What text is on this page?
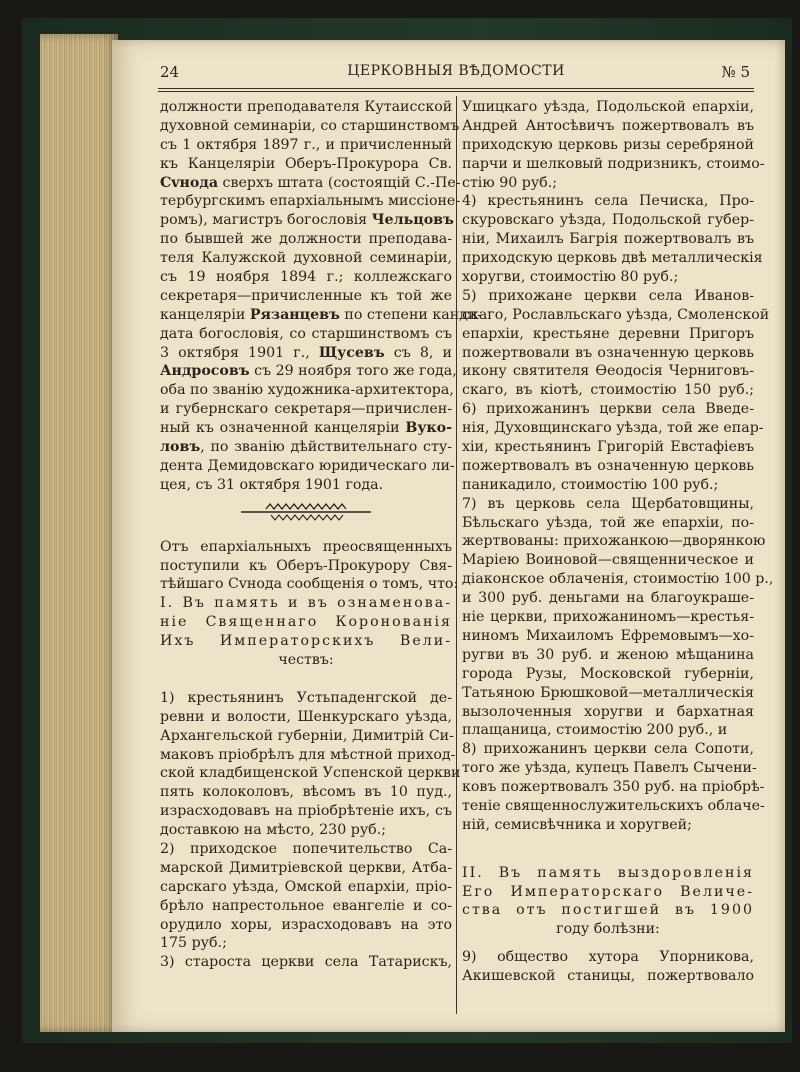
24	ЦЕРКОВНЫЯ ВѢДОМОСТИ	№ 5
должности преподавателя Кутаисской
духовной семинаріи, со старшинствомъ
съ 1 октября 1897 г., и причисленный
къ Канцеляріи Оберъ-Прокурора Св.
Сvнода сверхъ штата (состоящій С.-Пе-
тербургскимъ епархіальнымъ миссіоне-
ромъ), магистръ богословія Чельцовъ
по бывшей же должности преподава-
теля Калужской духовной семинаріи,
съ 19 ноября 1894 г.; коллежскаго
секретаря—причисленные къ той же
канцеляріи Рязанцевъ по степени канди-
дата богословія, со старшинствомъ съ
3 октября 1901 г., Щусевъ съ 8, и
Андросовъ съ 29 ноября того же года,
оба по званію художника-архитектора,
и губернскаго секретаря—причислен-
ный къ означенной канцеляріи Вуко-
ловъ, по званію дѣйствительнаго сту-
дента Демидовскаго юридическаго ли-
цея, съ 31 октября 1901 года.
Отъ епархіальныхъ преосвященныхъ
поступили къ Оберъ-Прокурору Свя-
тѣйшаго Сvнода сообщенія о томъ, что:
I. Въ память и въ ознаменова-
ніе Священнаго Коронованія
Ихъ Императорскихъ Вели-
чествъ:
1) крестьянинъ Устьпаденгской де-
ревни и волости, Шенкурскаго уѣзда,
Архангельской губерніи, Димитрій Си-
маковъ пріобрѣлъ для мѣстной приход-
ской кладбищенской Успенской церкви
пять колоколовъ, вѣсомъ въ 10 пуд.,
израсходовавъ на пріобрѣтеніе ихъ, съ
доставкою на мѣсто, 230 руб.;
2) приходское попечительство Са-
марской Димитріевской церкви, Атба-
сарскаго уѣзда, Омской епархіи, пріо-
брѣло напрестольное евангеліе и со-
орудило хоры, израсходовавъ на это
175 руб.;
3) староста церкви села Татарискъ,
Ушицкаго уѣзда, Подольской епархіи,
Андрей Антосѣвичъ пожертвовалъ въ
приходскую церковь ризы серебряной
парчи и шелковый подризникъ, стоимо-
стію 90 руб.;
4) крестьянинъ села Печиска, Про-
скуровскаго уѣзда, Подольской губер-
ніи, Михаилъ Багрія пожертвовалъ въ
приходскую церковь двѣ металлическія
хоругви, стоимостію 80 руб.;
5) прихожане церкви села Иванов-
скаго, Рославльскаго уѣзда, Смоленской
епархіи, крестьяне деревни Пригоръ
пожертвовали въ означенную церковь
икону святителя Ѳеодосія Черниговъ-
скаго, въ кіотѣ, стоимостію 150 руб.;
6) прихожанинъ церкви села Введе-
нія, Духовщинскаго уѣзда, той же епар-
хіи, крестьянинъ Григорій Евстафіевъ
пожертвовалъ въ означенную церковь
паникадило, стоимостію 100 руб.;
7) въ церковь села Щербатовщины,
Бѣльскаго уѣзда, той же епархіи, по-
жертвованы: прихожанкою—дворянкою
Маріею Воиновой—священническое и
діаконское облаченія, стоимостію 100 р.,
и 300 руб. деньгами на благоукраше-
ніе церкви, прихожаниномъ—крестья-
ниномъ Михаиломъ Ефремовымъ—хо-
ругви въ 30 руб. и женою мѣщанина
города Рузы, Московской губерніи,
Татьяною Брюшковой—металлическія
вызолоченныя хоругви и бархатная
плащаница, стоимостію 200 руб., и
8) прихожанинъ церкви села Сопоти,
того же уѣзда, купецъ Павелъ Сычени-
ковъ пожертвовалъ 350 руб. на пріобрѣ-
теніе священнослужительскихъ облаче-
ній, семисвѣчника и хоругвей;
II. Въ память выздоровленія
Его Императорскаго Величе-
ства отъ постигшей въ 1900
году болѣзни:
9) общество хутора Упорникова,
Акишевской станицы, пожертвовало
